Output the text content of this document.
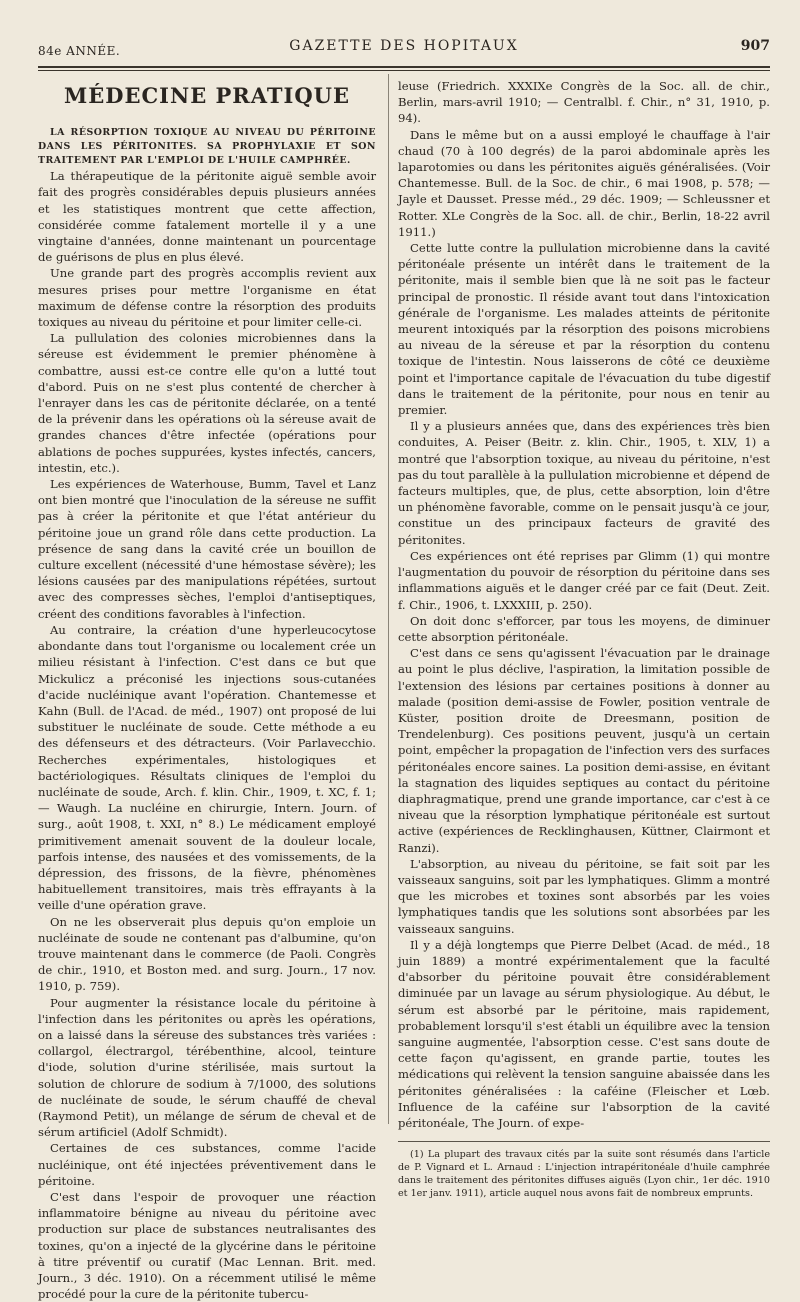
84e ANNÉE.	GAZETTE DES HOPITAUX	907
MÉDECINE PRATIQUE

LA RÉSORPTION TOXIQUE AU NIVEAU DU PÉRITOINE DANS LES PÉRITONITES. SA PROPHYLAXIE ET SON TRAITEMENT PAR L'EMPLOI DE L'HUILE CAMPHRÉE.

La thérapeutique de la péritonite aiguë semble avoir fait des progrès considérables depuis plusieurs années et les statistiques montrent que cette affection, considérée comme fatalement mortelle il y a une vingtaine d'années, donne maintenant un pourcentage de guérisons de plus en plus élevé.

Une grande part des progrès accomplis revient aux mesures prises pour mettre l'organisme en état maximum de défense contre la résorption des produits toxiques au niveau du péritoine et pour limiter celle-ci.

La pullulation des colonies microbiennes dans la séreuse est évidemment le premier phénomène à combattre, aussi est-ce contre elle qu'on a lutté tout d'abord. Puis on ne s'est plus contenté de chercher à l'enrayer dans les cas de péritonite déclarée, on a tenté de la prévenir dans les opérations où la séreuse avait de grandes chances d'être infectée (opérations pour ablations de poches suppurées, kystes infectés, cancers, intestin, etc.).

Les expériences de Waterhouse, Bumm, Tavel et Lanz ont bien montré que l'inoculation de la séreuse ne suffit pas à créer la péritonite et que l'état antérieur du péritoine joue un grand rôle dans cette production. La présence de sang dans la cavité crée un bouillon de culture excellent (nécessité d'une hémostase sévère); les lésions causées par des manipulations répétées, surtout avec des compresses sèches, l'emploi d'antiseptiques, créent des conditions favorables à l'infection.

Au contraire, la création d'une hyperleucocytose abondante dans tout l'organisme ou localement crée un milieu résistant à l'infection. C'est dans ce but que Mickulicz a préconisé les injections sous-cutanées d'acide nucléinique avant l'opération. Chantemesse et Kahn (Bull. de l'Acad. de méd., 1907) ont proposé de lui substituer le nucléinate de soude. Cette méthode a eu des défenseurs et des détracteurs. (Voir Parlavecchio. Recherches expérimentales, histologiques et bactériologiques. Résultats cliniques de l'emploi du nucléinate de soude, Arch. f. klin. Chir., 1909, t. XC, f. 1; — Waugh. La nucléine en chirurgie, Intern. Journ. of surg., août 1908, t. XXI, n° 8.) Le médicament employé primitivement amenait souvent de la douleur locale, parfois intense, des nausées et des vomissements, de la dépression, des frissons, de la fièvre, phénomènes habituellement transitoires, mais très effrayants à la veille d'une opération grave.

On ne les observerait plus depuis qu'on emploie un nucléinate de soude ne contenant pas d'albumine, qu'on trouve maintenant dans le commerce (de Paoli. Congrès de chir., 1910, et Boston med. and surg. Journ., 17 nov. 1910, p. 759).

Pour augmenter la résistance locale du péritoine à l'infection dans les péritonites ou après les opérations, on a laissé dans la séreuse des substances très variées : collargol, électrargol, térébenthine, alcool, teinture d'iode, solution d'urine stérilisée, mais surtout la solution de chlorure de sodium à 7/1000, des solutions de nucléinate de soude, le sérum chauffé de cheval (Raymond Petit), un mélange de sérum de cheval et de sérum artificiel (Adolf Schmidt).

Certaines de ces substances, comme l'acide nucléinique, ont été injectées préventivement dans le péritoine.

C'est dans l'espoir de provoquer une réaction inflammatoire bénigne au niveau du péritoine avec production sur place de substances neutralisantes des toxines, qu'on a injecté de la glycérine dans le péritoine à titre préventif ou curatif (Mac Lennan. Brit. med. Journ., 3 déc. 1910). On a récemment utilisé le même procédé pour la cure de la péritonite tubercu-

leuse (Friedrich. XXXIXe Congrès de la Soc. all. de chir., Berlin, mars-avril 1910; — Centralbl. f. Chir., n° 31, 1910, p. 94).

Dans le même but on a aussi employé le chauffage à l'air chaud (70 à 100 degrés) de la paroi abdominale après les laparotomies ou dans les péritonites aiguës généralisées. (Voir Chantemesse. Bull. de la Soc. de chir., 6 mai 1908, p. 578; — Jayle et Dausset. Presse méd., 29 déc. 1909; — Schleussner et Rotter. XLe Congrès de la Soc. all. de chir., Berlin, 18-22 avril 1911.)

Cette lutte contre la pullulation microbienne dans la cavité péritonéale présente un intérêt dans le traitement de la péritonite, mais il semble bien que là ne soit pas le facteur principal de pronostic. Il réside avant tout dans l'intoxication générale de l'organisme. Les malades atteints de péritonite meurent intoxiqués par la résorption des poisons microbiens au niveau de la séreuse et par la résorption du contenu toxique de l'intestin. Nous laisserons de côté ce deuxième point et l'importance capitale de l'évacuation du tube digestif dans le traitement de la péritonite, pour nous en tenir au premier.

Il y a plusieurs années que, dans des expériences très bien conduites, A. Peiser (Beitr. z. klin. Chir., 1905, t. XLV, 1) a montré que l'absorption toxique, au niveau du péritoine, n'est pas du tout parallèle à la pullulation microbienne et dépend de facteurs multiples, que, de plus, cette absorption, loin d'être un phénomène favorable, comme on le pensait jusqu'à ce jour, constitue un des principaux facteurs de gravité des péritonites.

Ces expériences ont été reprises par Glimm (1) qui montre l'augmentation du pouvoir de résorption du péritoine dans ses inflammations aiguës et le danger créé par ce fait (Deut. Zeit. f. Chir., 1906, t. LXXXIII, p. 250).

On doit donc s'efforcer, par tous les moyens, de diminuer cette absorption péritonéale.

C'est dans ce sens qu'agissent l'évacuation par le drainage au point le plus déclive, l'aspiration, la limitation possible de l'extension des lésions par certaines positions à donner au malade (position demi-assise de Fowler, position ventrale de Küster, position droite de Dreesmann, position de Trendelenburg). Ces positions peuvent, jusqu'à un certain point, empêcher la propagation de l'infection vers des surfaces péritonéales encore saines. La position demi-assise, en évitant la stagnation des liquides septiques au contact du péritoine diaphragmatique, prend une grande importance, car c'est à ce niveau que la résorption lymphatique péritonéale est surtout active (expériences de Recklinghausen, Küttner, Clairmont et Ranzi).

L'absorption, au niveau du péritoine, se fait soit par les vaisseaux sanguins, soit par les lymphatiques. Glimm a montré que les microbes et toxines sont absorbés par les voies lymphatiques tandis que les solutions sont absorbées par les vaisseaux sanguins.

Il y a déjà longtemps que Pierre Delbet (Acad. de méd., 18 juin 1889) a montré expérimentalement que la faculté d'absorber du péritoine pouvait être considérablement diminuée par un lavage au sérum physiologique. Au début, le sérum est absorbé par le péritoine, mais rapidement, probablement lorsqu'il s'est établi un équilibre avec la tension sanguine augmentée, l'absorption cesse. C'est sans doute de cette façon qu'agissent, en grande partie, toutes les médications qui relèvent la tension sanguine abaissée dans les péritonites généralisées : la caféine (Fleischer et Lœb. Influence de la caféine sur l'absorption de la cavité péritonéale, The Journ. of expe-

(1) La plupart des travaux cités par la suite sont résumés dans l'article de P. Vignard et L. Arnaud : L'injection intrapéritonéale d'huile camphrée dans le traitement des péritonites diffuses aiguës (Lyon chir., 1er déc. 1910 et 1er janv. 1911), article auquel nous avons fait de nombreux emprunts.
